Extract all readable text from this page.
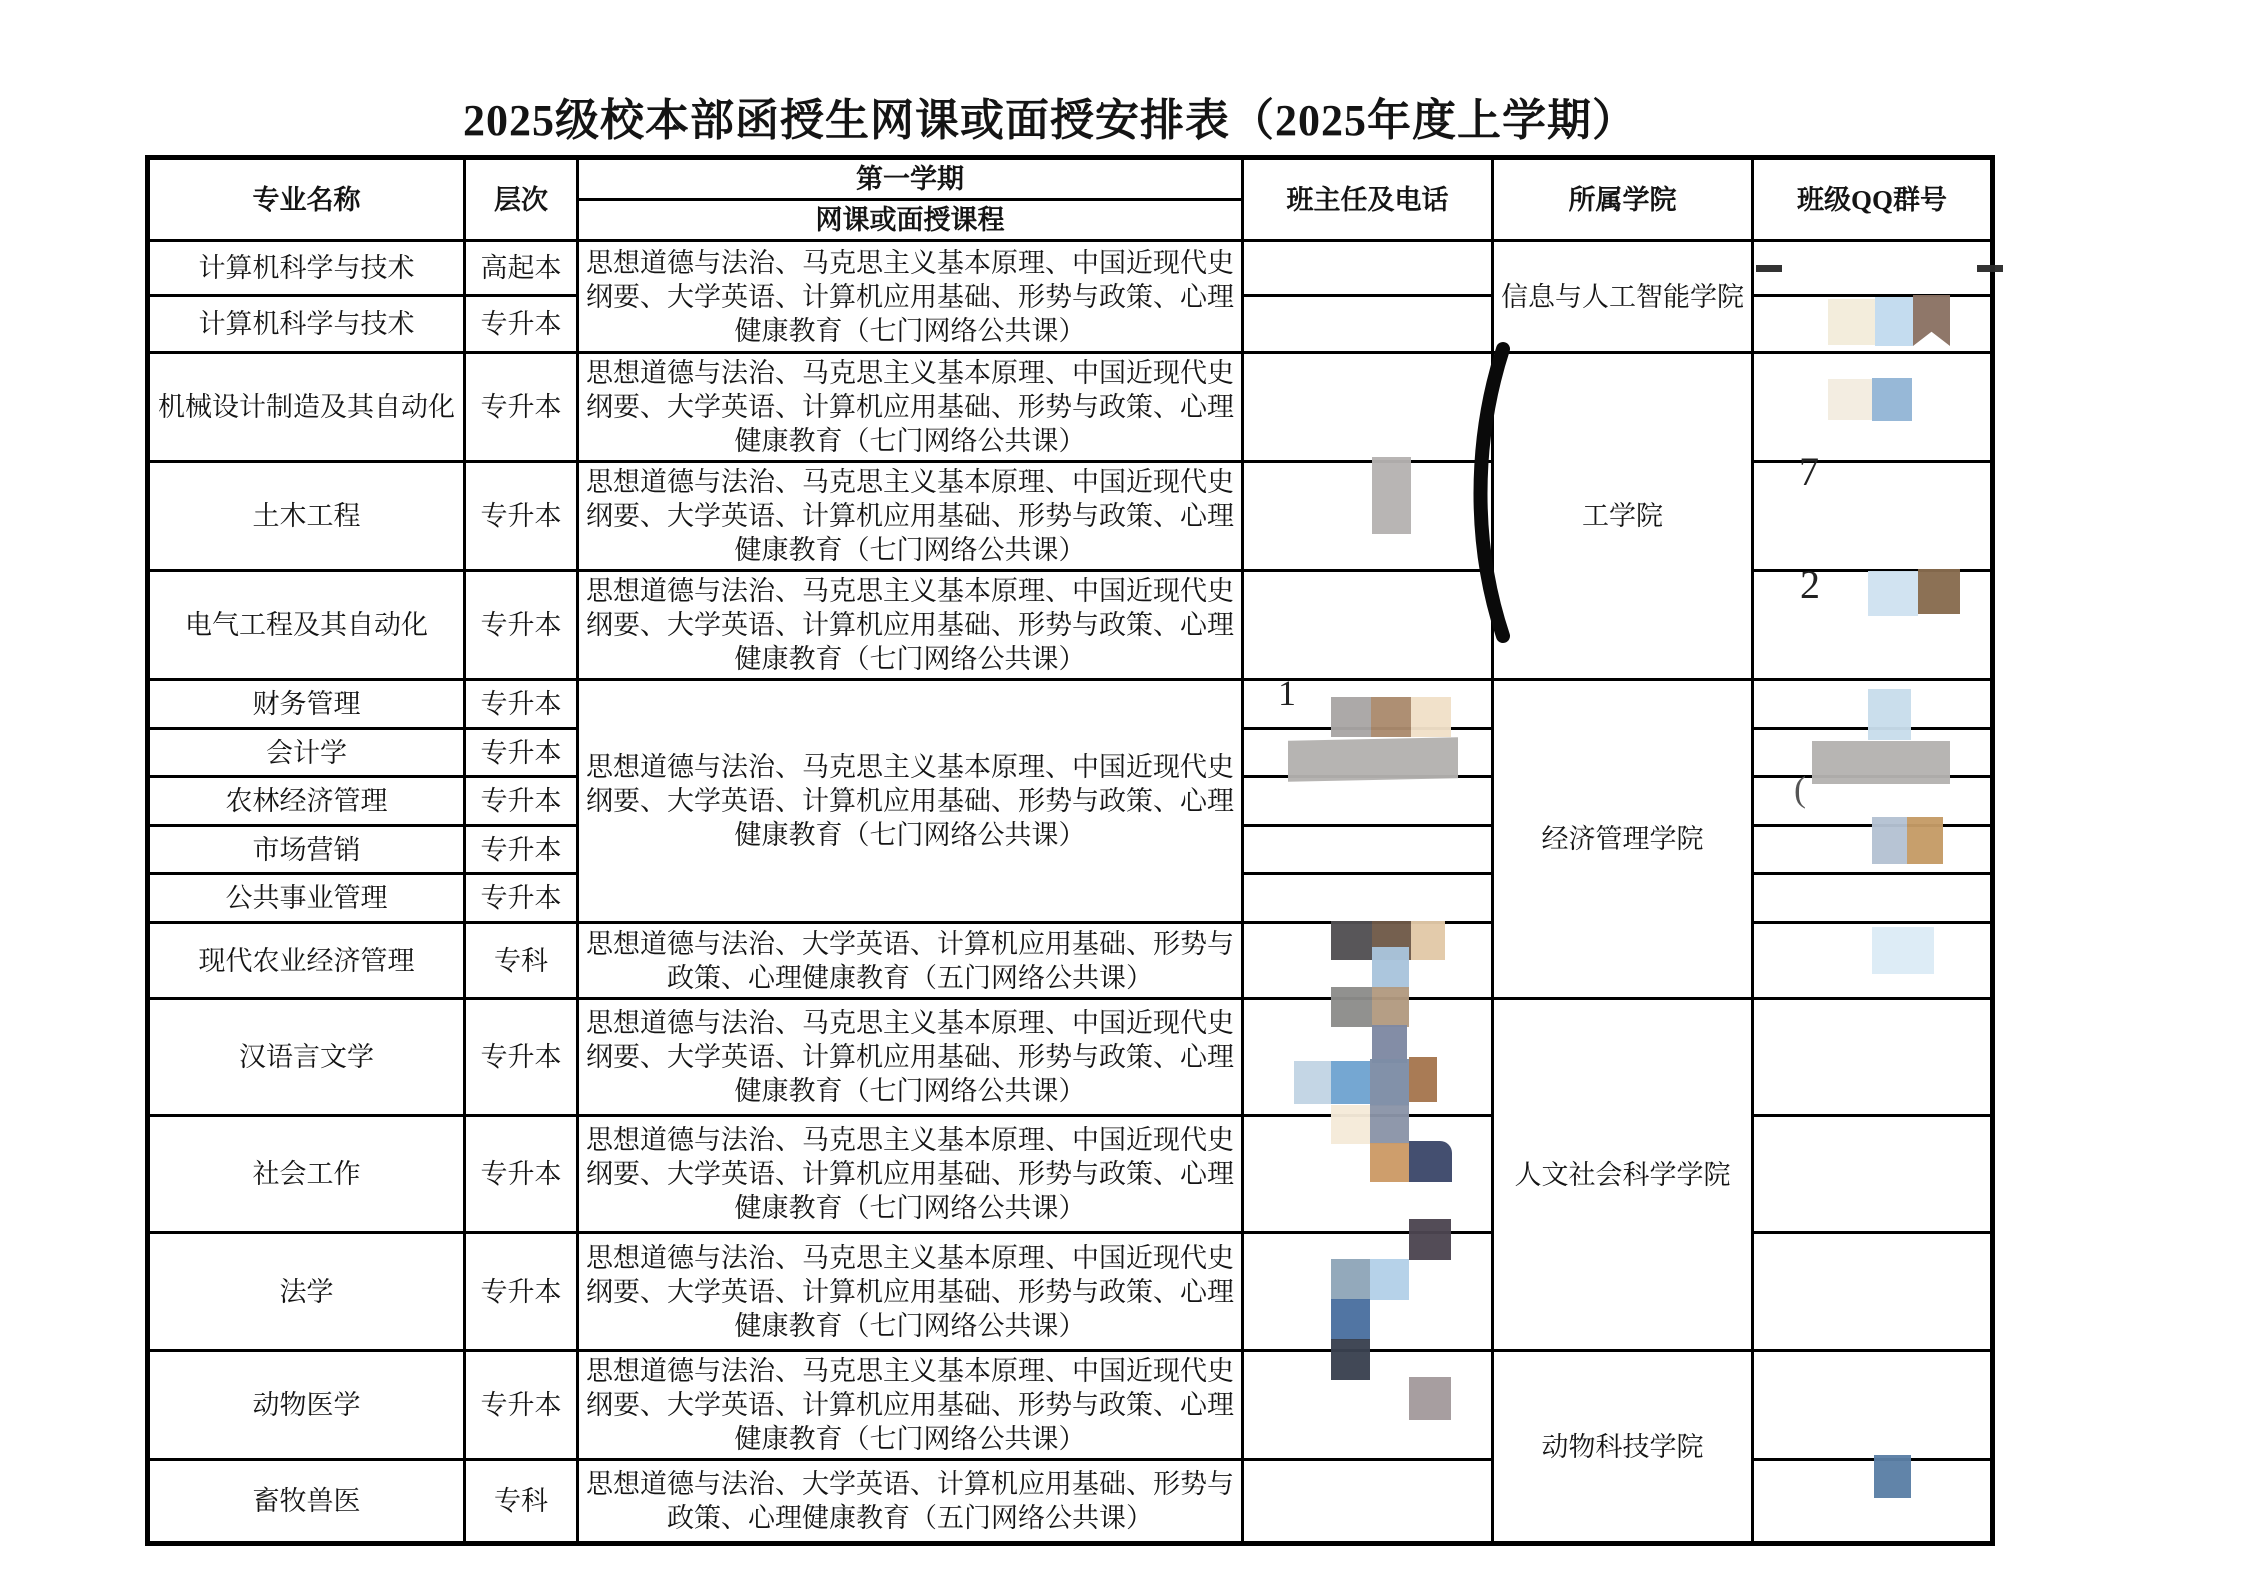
2025级校本部函授生网课或面授安排表（2025年度上学期）
专业名称	层次	第一学期	班主任及电话	所属学院	班级QQ群号
		网课或面授课程			
计算机科学与技术	高起本	思想道德与法治、马克思主义基本原理、中国近现代史纲要、大学英语、计算机应用基础、形势与政策、心理健康教育（七门网络公共课）		信息与人工智能学院	
计算机科学与技术	专升本				
机械设计制造及其自动化	专升本	思想道德与法治、马克思主义基本原理、中国近现代史纲要、大学英语、计算机应用基础、形势与政策、心理健康教育（七门网络公共课）		工学院	
土木工程	专升本	思想道德与法治、马克思主义基本原理、中国近现代史纲要、大学英语、计算机应用基础、形势与政策、心理健康教育（七门网络公共课）			
电气工程及其自动化	专升本	思想道德与法治、马克思主义基本原理、中国近现代史纲要、大学英语、计算机应用基础、形势与政策、心理健康教育（七门网络公共课）			
财务管理	专升本	思想道德与法治、马克思主义基本原理、中国近现代史纲要、大学英语、计算机应用基础、形势与政策、心理健康教育（七门网络公共课）		经济管理学院	
会计学	专升本				
农林经济管理	专升本				
市场营销	专升本				
公共事业管理	专升本				
现代农业经济管理	专科	思想道德与法治、大学英语、计算机应用基础、形势与政策、心理健康教育（五门网络公共课）			
汉语言文学	专升本	思想道德与法治、马克思主义基本原理、中国近现代史纲要、大学英语、计算机应用基础、形势与政策、心理健康教育（七门网络公共课）		人文社会科学学院	
社会工作	专升本	思想道德与法治、马克思主义基本原理、中国近现代史纲要、大学英语、计算机应用基础、形势与政策、心理健康教育（七门网络公共课）			
法学	专升本	思想道德与法治、马克思主义基本原理、中国近现代史纲要、大学英语、计算机应用基础、形势与政策、心理健康教育（七门网络公共课）			
动物医学	专升本	思想道德与法治、马克思主义基本原理、中国近现代史纲要、大学英语、计算机应用基础、形势与政策、心理健康教育（七门网络公共课）		动物科技学院	
畜牧兽医	专科	思想道德与法治、大学英语、计算机应用基础、形势与政策、心理健康教育（五门网络公共课）			
1
7
2
(
